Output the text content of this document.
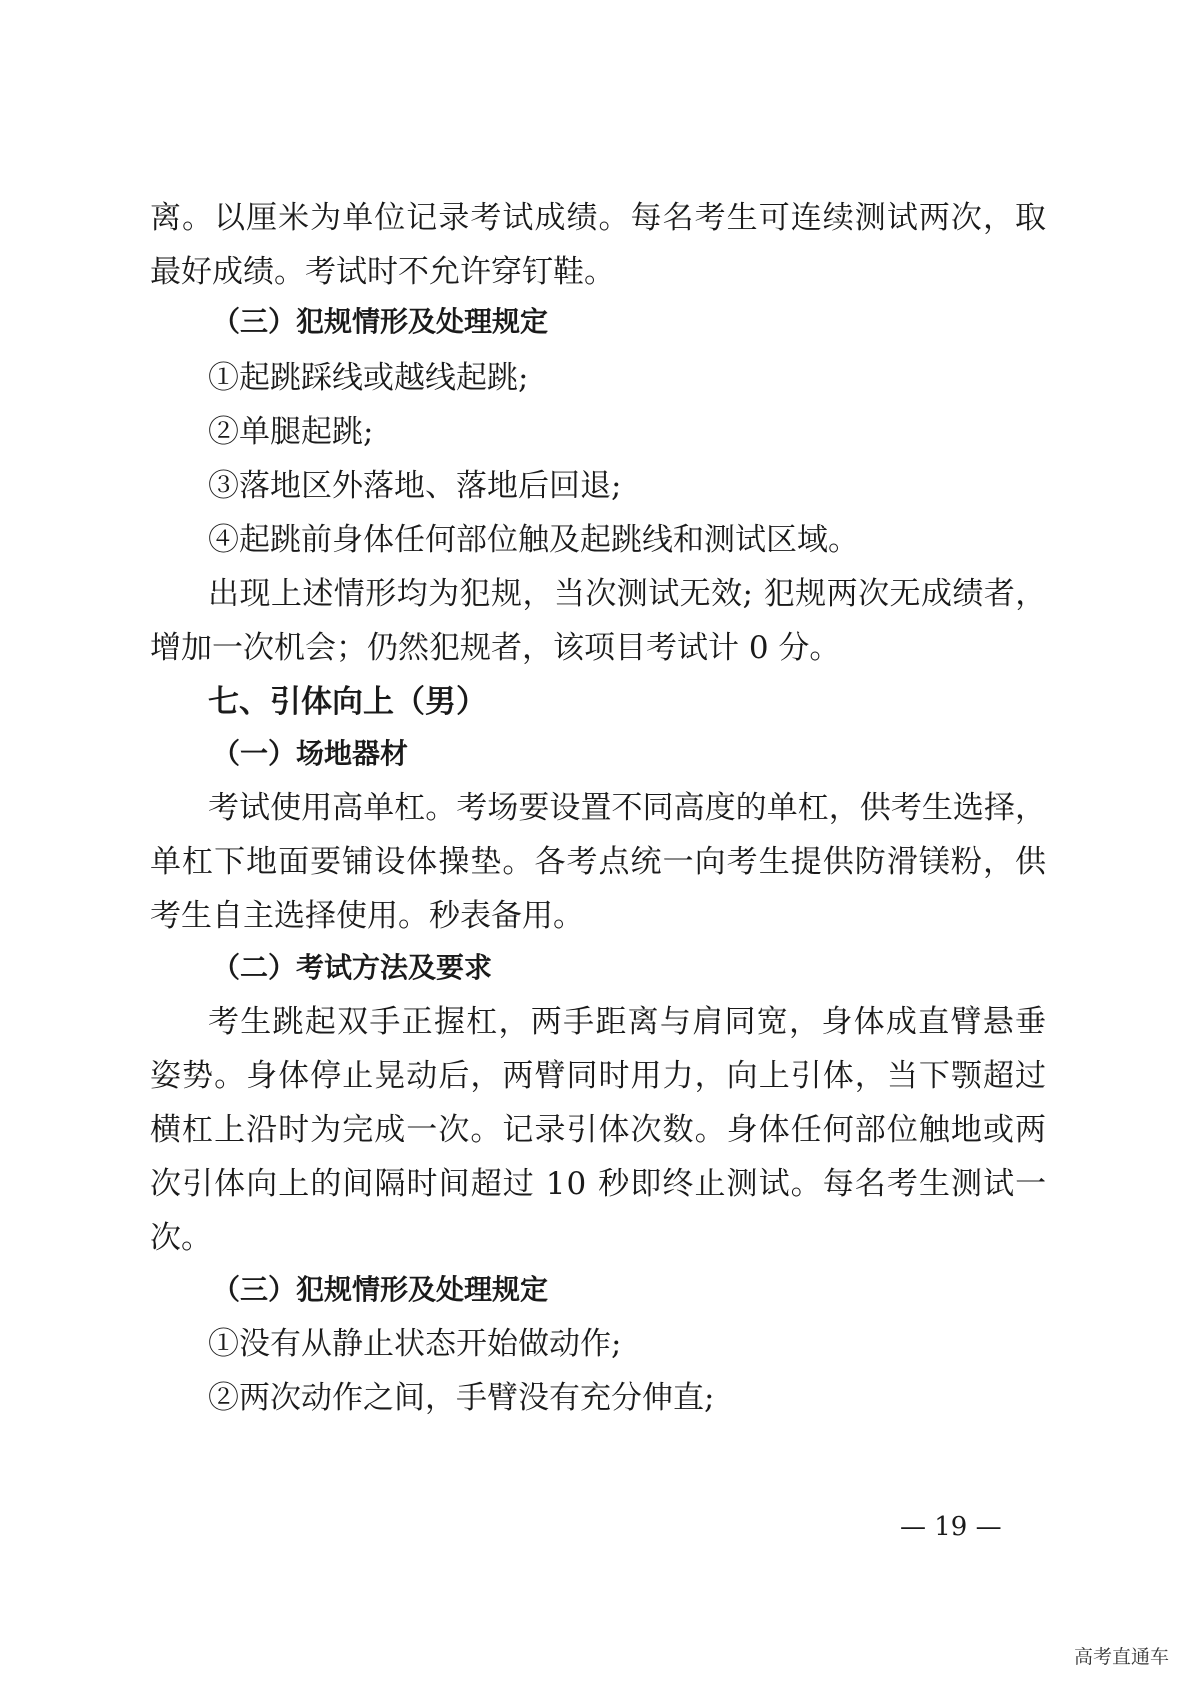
离。以厘米为单位记录考试成绩。每名考生可连续测试两次，取
最好成绩。考试时不允许穿钉鞋。
（三）犯规情形及处理规定
①起跳踩线或越线起跳;
②单腿起跳;
③落地区外落地、落地后回退;
④起跳前身体任何部位触及起跳线和测试区域。
出现上述情形均为犯规，当次测试无效; 犯规两次无成绩者，
增加一次机会；仍然犯规者，该项目考试计 0 分。
七、引体向上（男）
（一）场地器材
考试使用高单杠。考场要设置不同高度的单杠，供考生选择，
单杠下地面要铺设体操垫。各考点统一向考生提供防滑镁粉，供
考生自主选择使用。秒表备用。
（二）考试方法及要求
考生跳起双手正握杠，两手距离与肩同宽，身体成直臂悬垂
姿势。身体停止晃动后，两臂同时用力，向上引体，当下颚超过
横杠上沿时为完成一次。记录引体次数。身体任何部位触地或两
次引体向上的间隔时间超过 10 秒即终止测试。每名考生测试一
次。
（三）犯规情形及处理规定
①没有从静止状态开始做动作;
②两次动作之间，手臂没有充分伸直;
— 19 —
高考直通车
